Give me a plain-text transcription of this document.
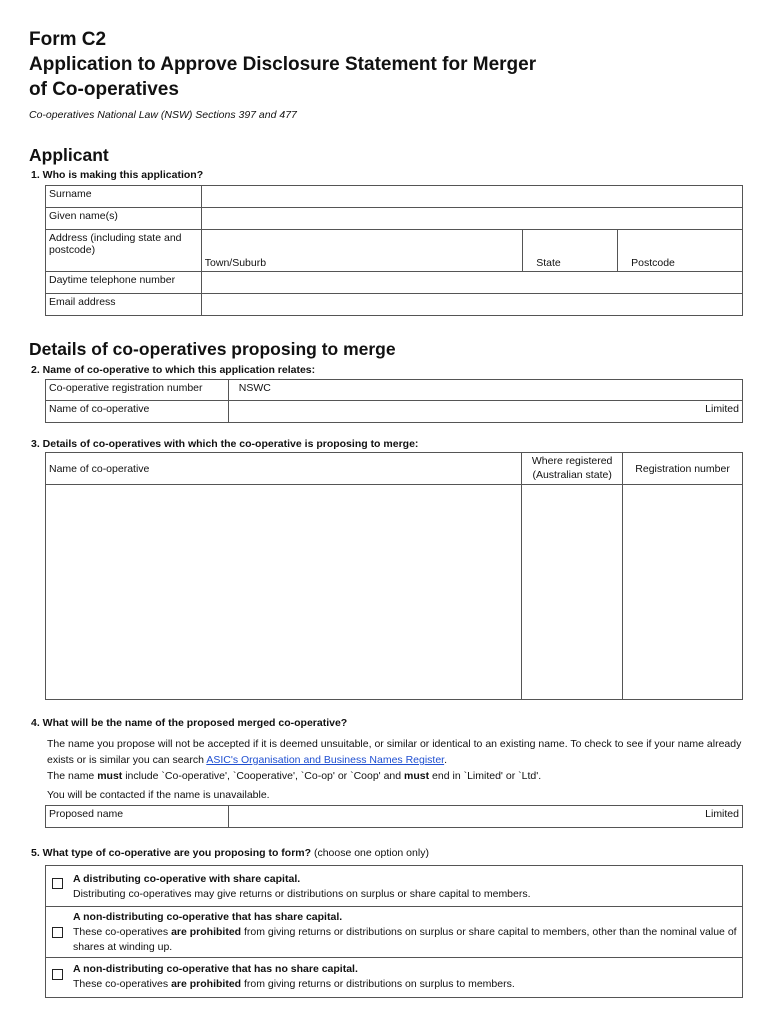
Form C2
Application to Approve Disclosure Statement for Merger
of Co-operatives
Co-operatives National Law (NSW) Sections 397 and 477
Applicant
1. Who is making this application?
Surname			
Given name(s)			
Address (including state and postcode)	Town/Suburb	State	Postcode
Daytime telephone number			
Email address			
Details of co-operatives proposing to merge
2. Name of co-operative to which this application relates:
Co-operative registration number	NSWC
Name of co-operative	Limited
3. Details of co-operatives with which the co-operative is proposing to merge:
Name of co-operative	Where registered (Australian state)	Registration number

4. What will be the name of the proposed merged co-operative?
The name you propose will not be accepted if it is deemed unsuitable, or similar or identical to an existing name. To check to see if your name already exists or is similar you can search ASIC's Organisation and Business Names Register.
The name must include `Co-operative', `Cooperative', `Co-op' or `Coop' and must end in `Limited' or `Ltd'.
You will be contacted if the name is unavailable.
Proposed name	Limited
5. What type of co-operative are you proposing to form? (choose one option only)
A distributing co-operative with share capital.
Distributing co-operatives may give returns or distributions on surplus or share capital to members.

A non-distributing co-operative that has share capital.
These co-operatives are prohibited from giving returns or distributions on surplus or share capital to members, other than the nominal value of shares at winding up.

A non-distributing co-operative that has no share capital.
These co-operatives are prohibited from giving returns or distributions on surplus to members.
